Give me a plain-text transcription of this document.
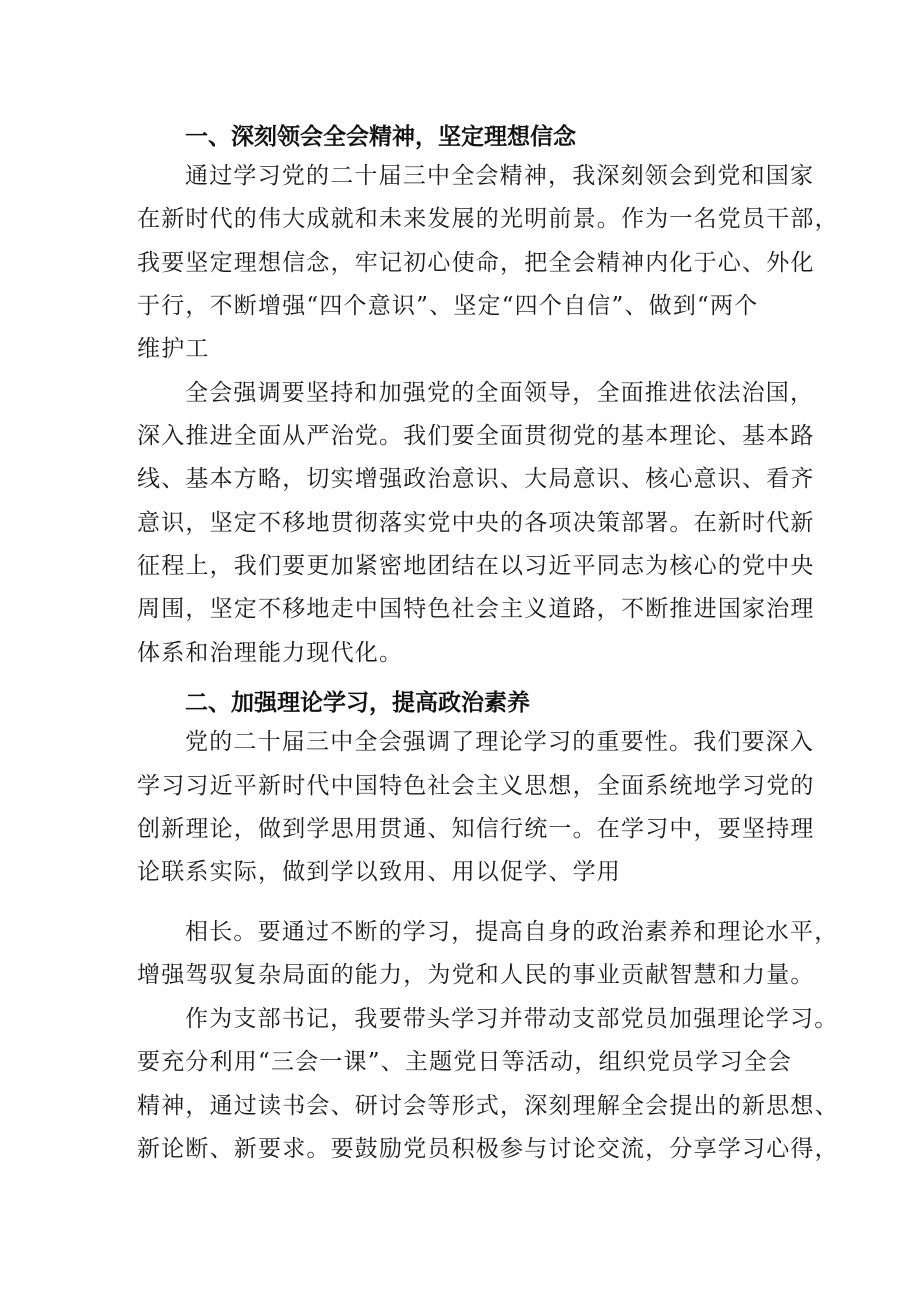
一、深刻领会全会精神，坚定理想信念
通过学习党的二十届三中全会精神，我深刻领会到党和国家
在新时代的伟大成就和未来发展的光明前景。作为一名党员干部，
我要坚定理想信念，牢记初心使命，把全会精神内化于心、外化
于行，不断增强“四个意识”、坚定“四个自信”、做到“两个
维护工
全会强调要坚持和加强党的全面领导，全面推进依法治国，
深入推进全面从严治党。我们要全面贯彻党的基本理论、基本路
线、基本方略，切实增强政治意识、大局意识、核心意识、看齐
意识，坚定不移地贯彻落实党中央的各项决策部署。在新时代新
征程上，我们要更加紧密地团结在以习近平同志为核心的党中央
周围，坚定不移地走中国特色社会主义道路，不断推进国家治理
体系和治理能力现代化。
二、加强理论学习，提高政治素养
党的二十届三中全会强调了理论学习的重要性。我们要深入
学习习近平新时代中国特色社会主义思想，全面系统地学习党的
创新理论，做到学思用贯通、知信行统一。在学习中，要坚持理
论联系实际，做到学以致用、用以促学、学用
相长。要通过不断的学习，提高自身的政治素养和理论水平，
增强驾驭复杂局面的能力，为党和人民的事业贡献智慧和力量。
作为支部书记，我要带头学习并带动支部党员加强理论学习。
要充分利用“三会一课”、主题党日等活动，组织党员学习全会
精神，通过读书会、研讨会等形式，深刻理解全会提出的新思想、
新论断、新要求。要鼓励党员积极参与讨论交流，分享学习心得，
